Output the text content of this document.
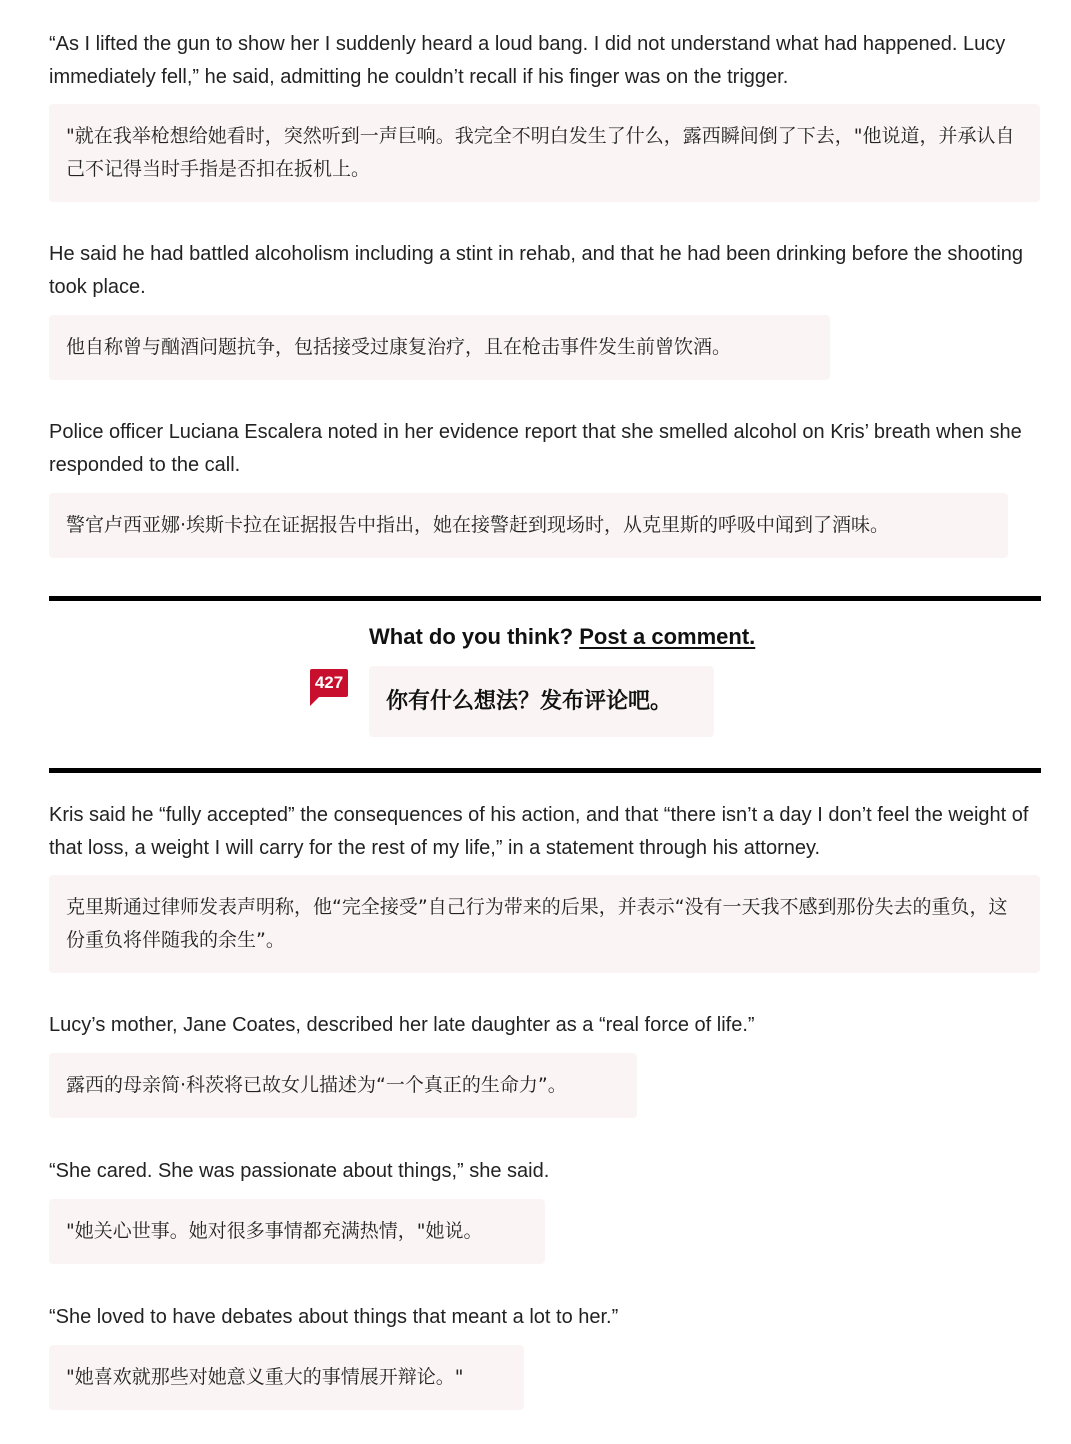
“As I lifted the gun to show her I suddenly heard a loud bang. I did not understand what had happened. Lucy immediately fell,” he said, admitting he couldn’t recall if his finger was on the trigger.

"就在我举枪想给她看时，突然听到一声巨响。我完全不明白发生了什么，露西瞬间倒了下去，"他说道，并承认自己不记得当时手指是否扣在扳机上。

He said he had battled alcoholism including a stint in rehab, and that he had been drinking before the shooting took place.

他自称曾与酗酒问题抗争，包括接受过康复治疗，且在枪击事件发生前曾饮酒。

Police officer Luciana Escalera noted in her evidence report that she smelled alcohol on Kris’ breath when she responded to the call.

警官卢西亚娜·埃斯卡拉在证据报告中指出，她在接警赶到现场时，从克里斯的呼吸中闻到了酒味。
427
What do you think? Post a comment.
你有什么想法？发布评论吧。

Kris said he “fully accepted” the consequences of his action, and that “there isn’t a day I don’t feel the weight of that loss, a weight I will carry for the rest of my life,” in a statement through his attorney.

克里斯通过律师发表声明称，他“完全接受”自己行为带来的后果，并表示“没有一天我不感到那份失去的重负，这份重负将伴随我的余生”。

Lucy’s mother, Jane Coates, described her late daughter as a “real force of life.”

露西的母亲简·科茨将已故女儿描述为“一个真正的生命力”。

“She cared. She was passionate about things,” she said.

"她关心世事。她对很多事情都充满热情，"她说。

“She loved to have debates about things that meant a lot to her.”

"她喜欢就那些对她意义重大的事情展开辩论。"
